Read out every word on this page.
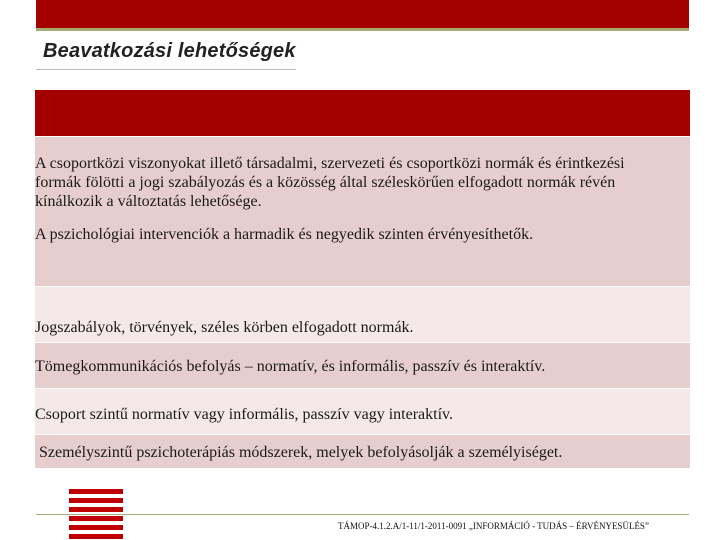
Beavatkozási lehetőségek

A csoportközi viszonyokat illető társadalmi, szervezeti és csoportközi normák és érintkezési formák fölötti a jogi szabályozás és a közösség által széleskörűen elfogadott normák révén kínálkozik a változtatás lehetősége.

A pszichológiai intervenciók a harmadik és negyedik szinten érvényesíthetők.

Jogszabályok, törvények, széles körben elfogadott normák.
Tömegkommunikációs befolyás – normatív, és informális, passzív és interaktív.
Csoport szintű normatív vagy informális, passzív vagy interaktív.
Személyszintű pszichoterápiás módszerek, melyek befolyásolják a személyiséget.
TÁMOP-4.1.2.A/1-11/1-2011-0091 „INFORMÁCIÓ - TUDÁS – ÉRVÉNYESÜLÉS”
